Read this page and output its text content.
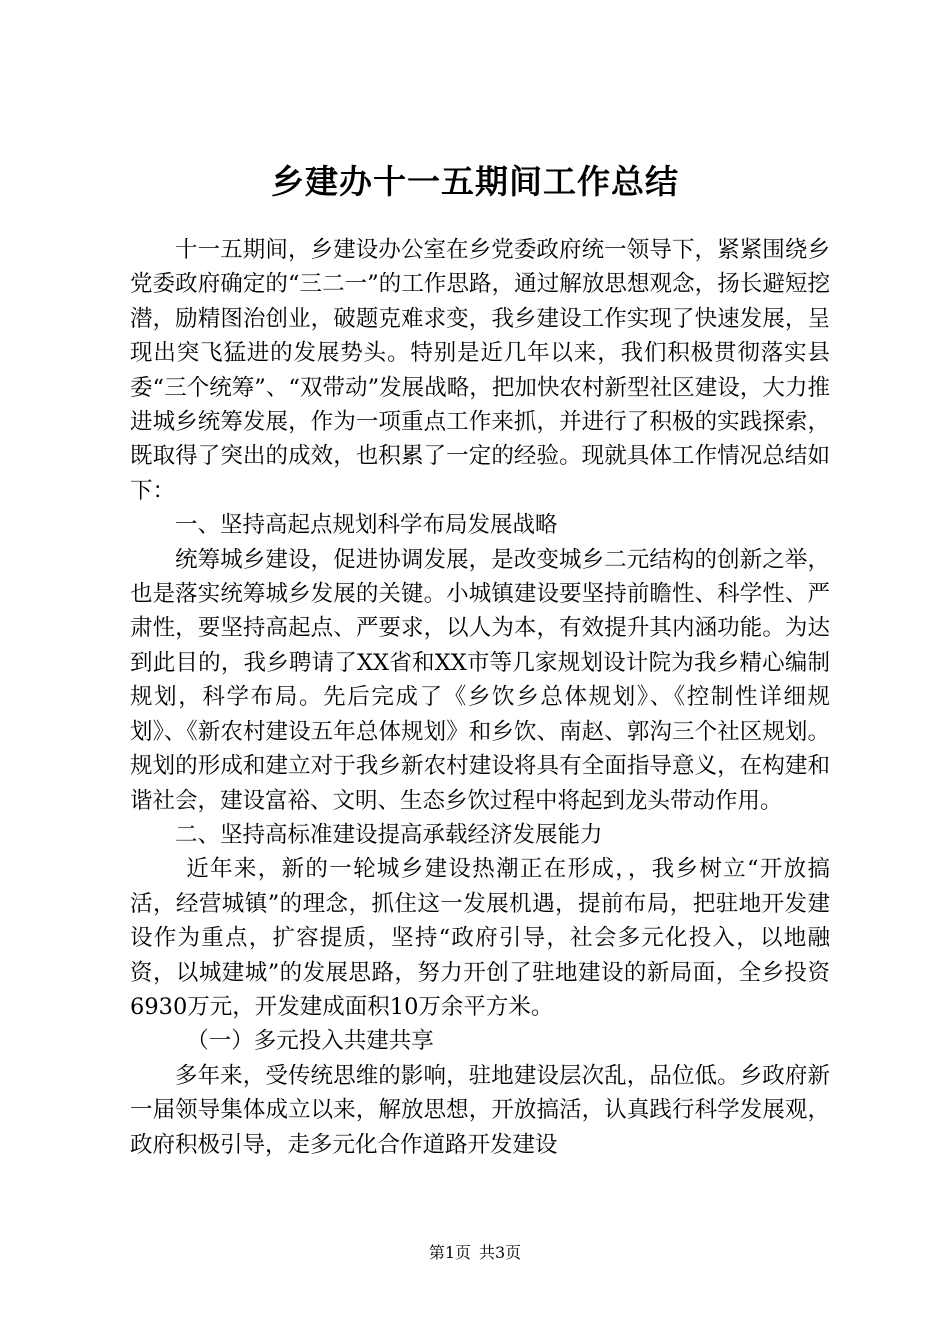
乡建办十一五期间工作总结

十一五期间，乡建设办公室在乡党委政府统一领导下，紧紧围绕乡党委政府确定的“三二一”的工作思路，通过解放思想观念，扬长避短挖潜，励精图治创业，破题克难求变，我乡建设工作实现了快速发展，呈现出突飞猛进的发展势头。特别是近几年以来，我们积极贯彻落实县委“三个统筹”、“双带动”发展战略，把加快农村新型社区建设，大力推进城乡统筹发展，作为一项重点工作来抓，并进行了积极的实践探索，既取得了突出的成效，也积累了一定的经验。现就具体工作情况总结如下：

一、坚持高起点规划科学布局发展战略

统筹城乡建设，促进协调发展，是改变城乡二元结构的创新之举，也是落实统筹城乡发展的关键。小城镇建设要坚持前瞻性、科学性、严肃性，要坚持高起点、严要求，以人为本，有效提升其内涵功能。为达到此目的，我乡聘请了XX省和XX市等几家规划设计院为我乡精心编制规划，科学布局。先后完成了《乡饮乡总体规划》、《控制性详细规划》、《新农村建设五年总体规划》和乡饮、南赵、郭沟三个社区规划。规划的形成和建立对于我乡新农村建设将具有全面指导意义，在构建和谐社会，建设富裕、文明、生态乡饮过程中将起到龙头带动作用。

二、坚持高标准建设提高承载经济发展能力

近年来，新的一轮城乡建设热潮正在形成，，我乡树立“开放搞活，经营城镇”的理念，抓住这一发展机遇，提前布局，把驻地开发建设作为重点，扩容提质，坚持“政府引导，社会多元化投入，以地融资，以城建城”的发展思路，努力开创了驻地建设的新局面，全乡投资6930万元，开发建成面积10万余平方米。

（一）多元投入共建共享

多年来，受传统思维的影响，驻地建设层次乱，品位低。乡政府新一届领导集体成立以来，解放思想，开放搞活，认真践行科学发展观，政府积极引导，走多元化合作道路开发建设

第1页 共3页
